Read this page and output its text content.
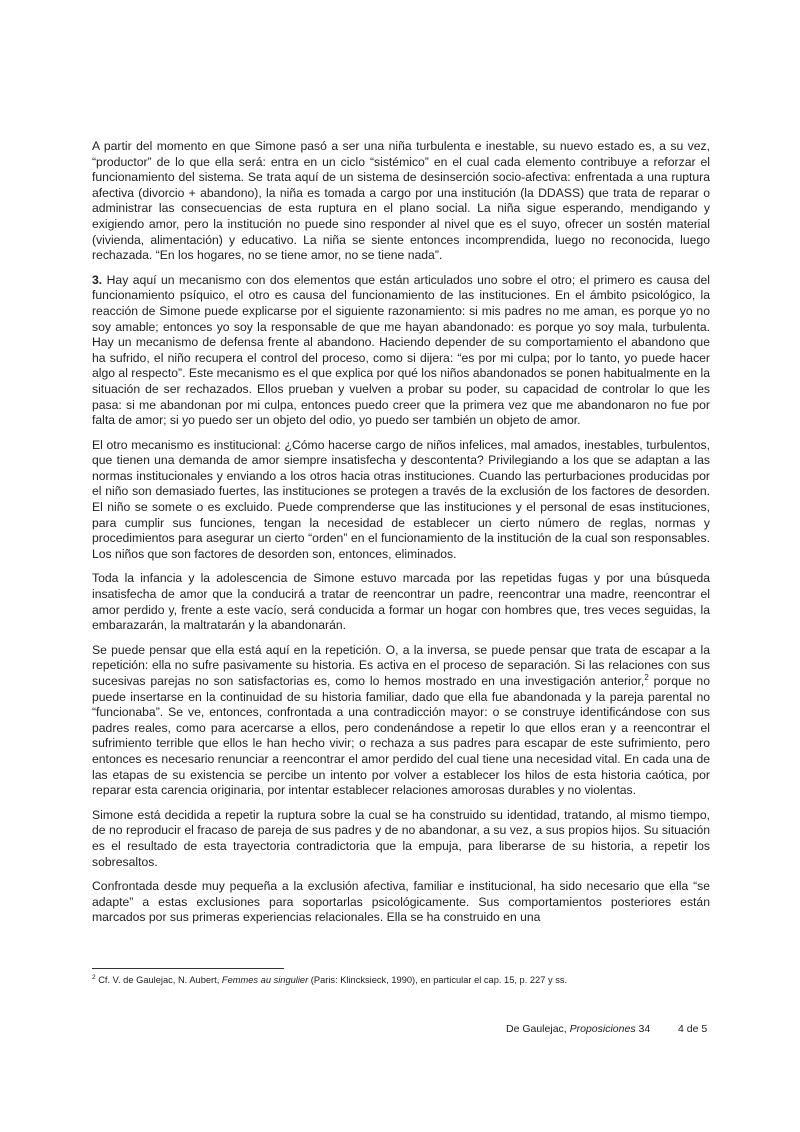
A partir del momento en que Simone pasó a ser una niña turbulenta e inestable, su nuevo estado es, a su vez, “productor” de lo que ella será: entra en un ciclo “sistémico” en el cual cada elemento contribuye a reforzar el funcionamiento del sistema. Se trata aquí de un sistema de desinserción socio-afectiva: enfrentada a una ruptura afectiva (divorcio + abandono), la niña es tomada a cargo por una institución (la DDASS) que trata de reparar o administrar las consecuencias de esta ruptura en el plano social. La niña sigue esperando, mendigando y exigiendo amor, pero la institución no puede sino responder al nivel que es el suyo, ofrecer un sostén material (vivienda, alimentación) y educativo. La niña se siente entonces incomprendida, luego no reconocida, luego rechazada. “En los hogares, no se tiene amor, no se tiene nada”.

3. Hay aquí un mecanismo con dos elementos que están articulados uno sobre el otro; el primero es causa del funcionamiento psíquico, el otro es causa del funcionamiento de las instituciones. En el ámbito psicológico, la reacción de Simone puede explicarse por el siguiente razonamiento: si mis padres no me aman, es porque yo no soy amable; entonces yo soy la responsable de que me hayan abandonado: es porque yo soy mala, turbulenta. Hay un mecanismo de defensa frente al abandono. Haciendo depender de su comportamiento el abandono que ha sufrido, el niño recupera el control del proceso, como si dijera: “es por mi culpa; por lo tanto, yo puede hacer algo al respecto”. Este mecanismo es el que explica por qué los niños abandonados se ponen habitualmente en la situación de ser rechazados. Ellos prueban y vuelven a probar su poder, su capacidad de controlar lo que les pasa: si me abandonan por mi culpa, entonces puedo creer que la primera vez que me abandonaron no fue por falta de amor; si yo puedo ser un objeto del odio, yo puedo ser también un objeto de amor.

El otro mecanismo es institucional: ¿Cómo hacerse cargo de niños infelices, mal amados, inestables, turbulentos, que tienen una demanda de amor siempre insatisfecha y descontenta? Privilegiando a los que se adaptan a las normas institucionales y enviando a los otros hacia otras instituciones. Cuando las perturbaciones producidas por el niño son demasiado fuertes, las instituciones se protegen a través de la exclusión de los factores de desorden. El niño se somete o es excluido. Puede comprenderse que las instituciones y el personal de esas instituciones, para cumplir sus funciones, tengan la necesidad de establecer un cierto número de reglas, normas y procedimientos para asegurar un cierto “orden” en el funcionamiento de la institución de la cual son responsables. Los niños que son factores de desorden son, entonces, eliminados.

Toda la infancia y la adolescencia de Simone estuvo marcada por las repetidas fugas y por una búsqueda insatisfecha de amor que la conducirá a tratar de reencontrar un padre, reencontrar una madre, reencontrar el amor perdido y, frente a este vacío, será conducida a formar un hogar con hombres que, tres veces seguidas, la embarazarán, la maltratarán y la abandonarán.

Se puede pensar que ella está aquí en la repetición. O, a la inversa, se puede pensar que trata de escapar a la repetición: ella no sufre pasivamente su historia. Es activa en el proceso de separación. Si las relaciones con sus sucesivas parejas no son satisfactorias es, como lo hemos mostrado en una investigación anterior,$^2$ porque no puede insertarse en la continuidad de su historia familiar, dado que ella fue abandonada y la pareja parental no “funcionaba”. Se ve, entonces, confrontada a una contradicción mayor: o se construye identificándose con sus padres reales, como para acercarse a ellos, pero condenándose a repetir lo que ellos eran y a reencontrar el sufrimiento terrible que ellos le han hecho vivir; o rechaza a sus padres para escapar de este sufrimiento, pero entonces es necesario renunciar a reencontrar el amor perdido del cual tiene una necesidad vital. En cada una de las etapas de su existencia se percibe un intento por volver a establecer los hilos de esta historia caótica, por reparar esta carencia originaria, por intentar establecer relaciones amorosas durables y no violentas.

Simone está decidida a repetir la ruptura sobre la cual se ha construido su identidad, tratando, al mismo tiempo, de no reproducir el fracaso de pareja de sus padres y de no abandonar, a su vez, a sus propios hijos. Su situación es el resultado de esta trayectoria contradictoria que la empuja, para liberarse de su historia, a repetir los sobresaltos.

Confrontada desde muy pequeña a la exclusión afectiva, familiar e institucional, ha sido necesario que ella “se adapte” a estas exclusiones para soportarlas psicológicamente. Sus comportamientos posteriores están marcados por sus primeras experiencias relacionales. Ella se ha construido en una

$^2$ Cf. V. de Gaulejac, N. Aubert, Femmes au singulier (Paris: Klincksieck, 1990), en particular el cap. 15, p. 227 y ss.
De Gaulejac, Proposiciones 34	4 de 5
